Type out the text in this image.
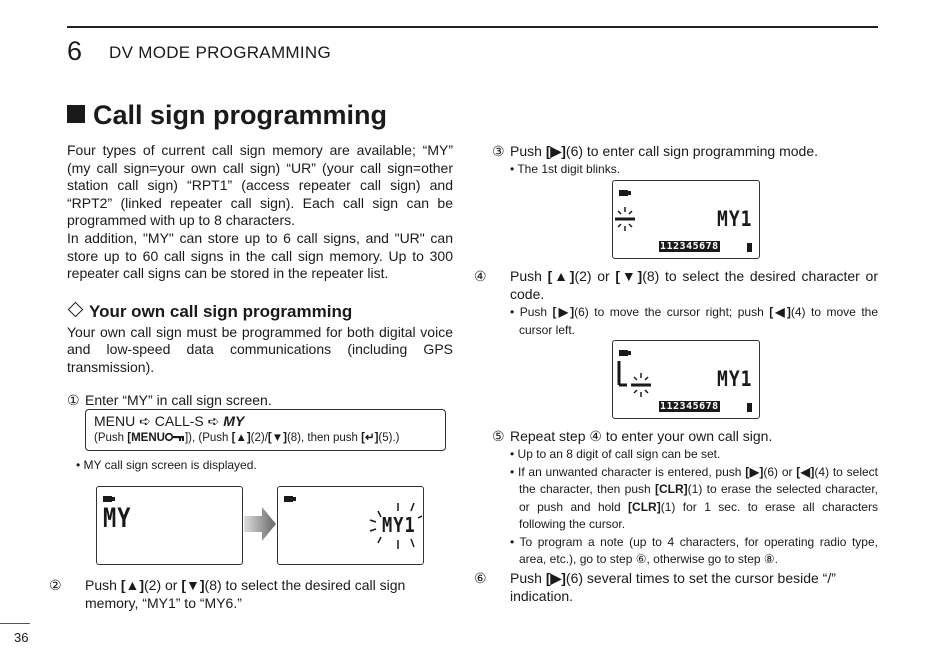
6 DV MODE PROGRAMMING
Call sign programming

Four types of current call sign memory are available; “MY” (my call sign=your own call sign) “UR” (your call sign=other station call sign) “RPT1” (access repeater call sign) and “RPT2” (linked repeater call sign). Each call sign can be programmed with up to 8 characters.

In addition, "MY" can store up to 6 call signs, and "UR" can store up to 60 call signs in the call sign memory. Up to 300 repeater call signs can be stored in the repeater list.

Your own call sign programming

Your own call sign must be programmed for both digital voice and low-speed data communications (including GPS transmission).

① Enter “MY” in call sign screen.

MENU ➪ CALL-S ➪ MY
(Push [MENU ]), (Push [▲](2)/[▼](8), then push [↵](5).)

• MY call sign screen is displayed.

MY	MY1

② Push [▲](2) or [▼](8) to select the desired call sign memory, “MY1” to “MY6.”

③ Push [▶](6) to enter call sign programming mode.

• The 1st digit blinks.

MY1
112345678

④ Push [▲](2) or [▼](8) to select the desired character or code.

• Push [▶](6) to move the cursor right; push [◀](4) to move the cursor left.

MY1
112345678

⑤ Repeat step ④ to enter your own call sign.

• Up to an 8 digit of call sign can be set.

• If an unwanted character is entered, push [▶](6) or [◀](4) to select the character, then push [CLR](1) to erase the selected character, or push and hold [CLR](1) for 1 sec. to erase all characters following the cursor.

• To program a note (up to 4 characters, for operating radio type, area, etc.), go to step ⑥, otherwise go to step ⑧.

⑥ Push [▶](6) several times to set the cursor beside “/” indication.

36
